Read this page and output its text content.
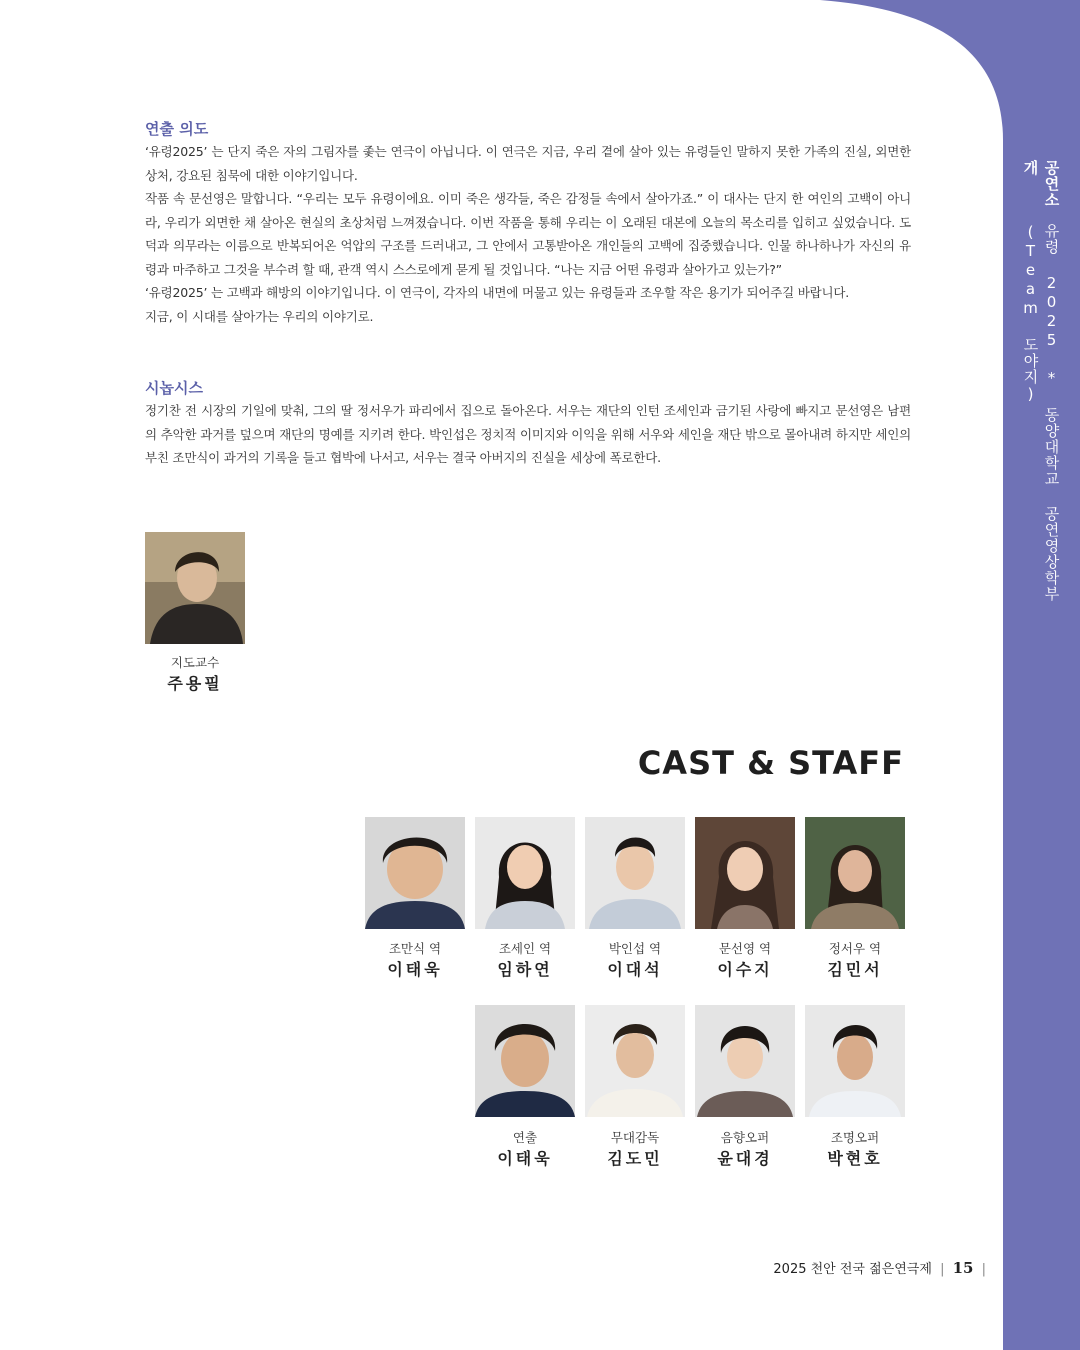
공연소개
유령 2025 * 동양대학교 공연영상학부 (Team 도야지)
연출 의도

‘유령2025’ 는 단지 죽은 자의 그림자를 좇는 연극이 아닙니다. 이 연극은 지금, 우리 곁에 살아 있는 유령들인 말하지 못한 가족의 진실, 외면한 상처, 강요된 침묵에 대한 이야기입니다.

작품 속 문선영은 말합니다. “우리는 모두 유령이에요. 이미 죽은 생각들, 죽은 감정들 속에서 살아가죠.” 이 대사는 단지 한 여인의 고백이 아니라, 우리가 외면한 채 살아온 현실의 초상처럼 느껴졌습니다. 이번 작품을 통해 우리는 이 오래된 대본에 오늘의 목소리를 입히고 싶었습니다. 도덕과 의무라는 이름으로 반복되어온 억압의 구조를 드러내고, 그 안에서 고통받아온 개인들의 고백에 집중했습니다. 인물 하나하나가 자신의 유령과 마주하고 그것을 부수려 할 때, 관객 역시 스스로에게 묻게 될 것입니다. “나는 지금 어떤 유령과 살아가고 있는가?”

‘유령2025’ 는 고백과 해방의 이야기입니다. 이 연극이, 각자의 내면에 머물고 있는 유령들과 조우할 작은 용기가 되어주길 바랍니다.

지금, 이 시대를 살아가는 우리의 이야기로.

시놉시스
정기찬 전 시장의 기일에 맞춰, 그의 딸 정서우가 파리에서 집으로 돌아온다. 서우는 재단의 인턴 조세인과 금기된 사랑에 빠지고 문선영은 남편의 추악한 과거를 덮으며 재단의 명예를 지키려 한다. 박인섭은 정치적 이미지와 이익을 위해 서우와 세인을 재단 밖으로 몰아내려 하지만 세인의 부친 조만식이 과거의 기록을 들고 협박에 나서고, 서우는 결국 아버지의 진실을 세상에 폭로한다.
지도교수
주용필
CAST & STAFF
조만식 역
이태욱
조세인 역
임하연
박인섭 역
이대석
문선영 역
이수지
정서우 역
김민서
연출
이태욱
무대감독
김도민
음향오퍼
윤대경
조명오퍼
박현호
2025 천안 전국 젊은연극제 | 15 |
